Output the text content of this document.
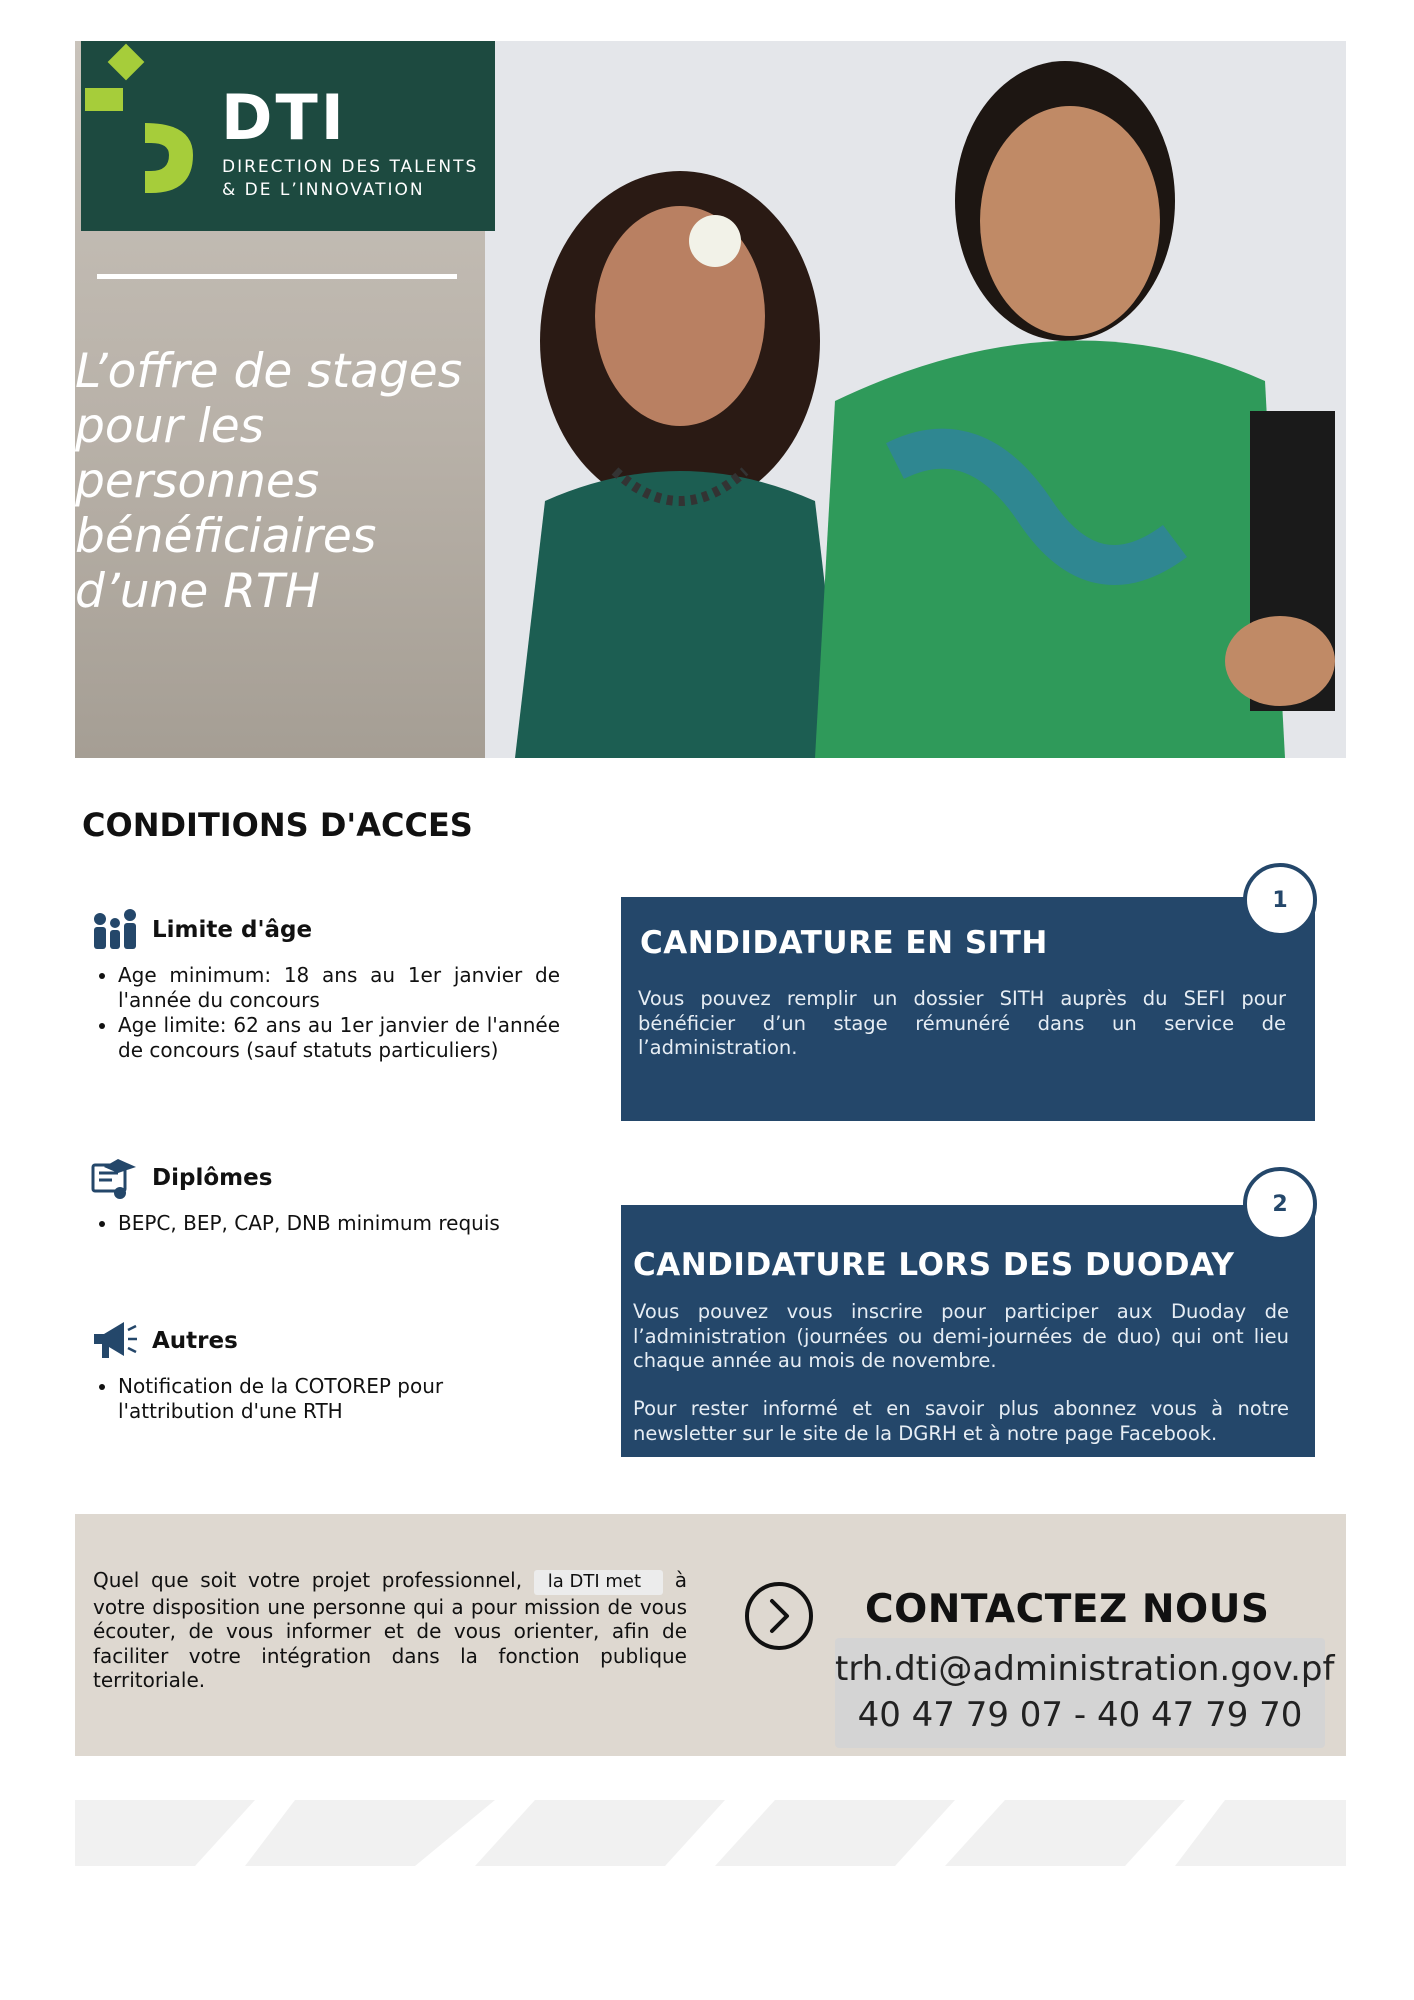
DTI
DIRECTION DES TALENTS
& DE L’INNOVATION
L’offre de stages
pour les
personnes
bénéficiaires
d’une RTH
CONDITIONS D'ACCES
Limite d'âge
• Age minimum: 18 ans au 1er janvier de l'année du concours
• Age limite: 62 ans au 1er janvier de l'année de concours (sauf statuts particuliers)
Diplômes
• BEPC, BEP, CAP, DNB minimum requis
Autres
• Notification de la COTOREP pour l'attribution d'une RTH
CANDIDATURE EN SITH

Vous pouvez remplir un dossier SITH auprès du SEFI pour bénéficier d’un stage rémunéré dans un service de l’administration.

1
CANDIDATURE LORS DES DUODAY

Vous pouvez vous inscrire pour participer aux Duoday de l’administration (journées ou demi-journées de duo) qui ont lieu chaque année au mois de novembre.

Pour rester informé et en savoir plus abonnez vous à notre newsletter sur le site de la DGRH et à notre page Facebook.

2
Quel que soit votre projet professionnel, la DTI met à votre disposition une personne qui a pour mission de vous écouter, de vous informer et de vous orienter, afin de faciliter votre intégration dans la fonction publique territoriale.
CONTACTEZ NOUS
trh.dti@administration.gov.pf
40 47 79 07 - 40 47 79 70
